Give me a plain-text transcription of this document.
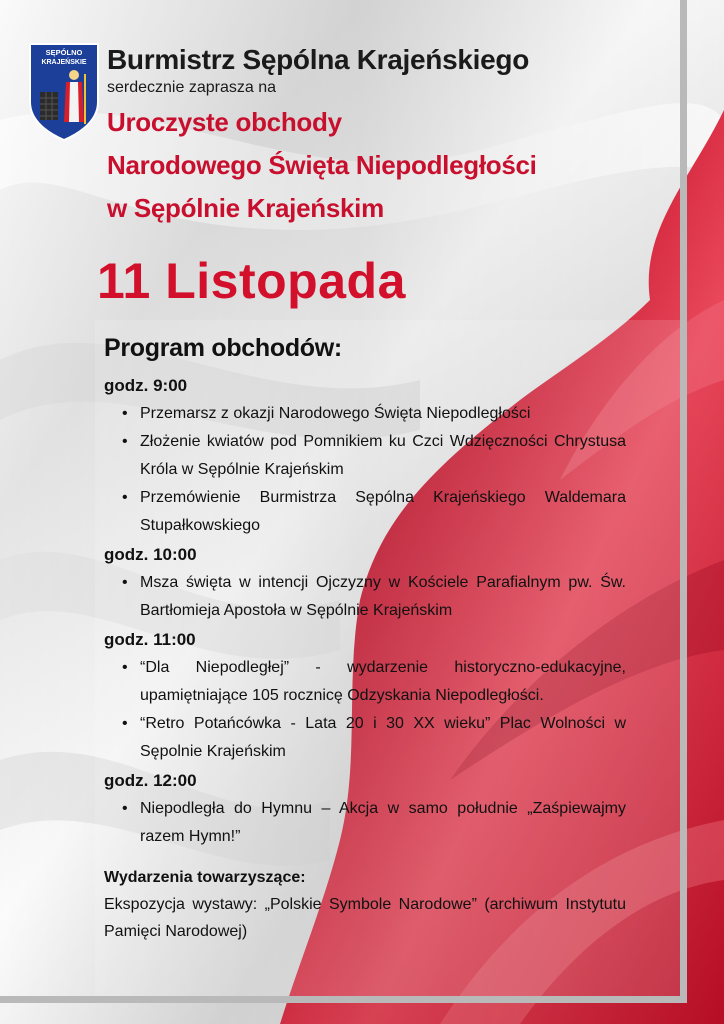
SĘPÓLNO
KRAJEŃSKIE Burmistrz Sępólna Krajeńskiego
serdecznie zaprasza na
Uroczyste obchody
Narodowego Święta Niepodległości
w Sępólnie Krajeńskim
11 Listopada
Program obchodów:
godz. 9:00
• Przemarsz z okazji Narodowego Święta Niepodległości
• Złożenie kwiatów pod Pomnikiem ku Czci Wdzięczności Chrystusa Króla w Sępólnie Krajeńskim
• Przemówienie Burmistrza Sępólna Krajeńskiego Waldemara Stupałkowskiego
godz. 10:00
• Msza święta w intencji Ojczyzny w Kościele Parafialnym pw. Św. Bartłomieja Apostoła w Sępólnie Krajeńskim
godz. 11:00
• “Dla Niepodległej” - wydarzenie historyczno-edukacyjne, upamiętniające 105 rocznicę Odzyskania Niepodległości.
• “Retro Potańcówka - Lata 20 i 30 XX wieku” Plac Wolności w Sępolnie Krajeńskim
godz. 12:00
• Niepodległa do Hymnu – Akcja w samo południe „Zaśpiewajmy razem Hymn!”
Wydarzenia towarzyszące:
Ekspozycja wystawy: „Polskie Symbole Narodowe” (archiwum Instytutu Pamięci Narodowej)
